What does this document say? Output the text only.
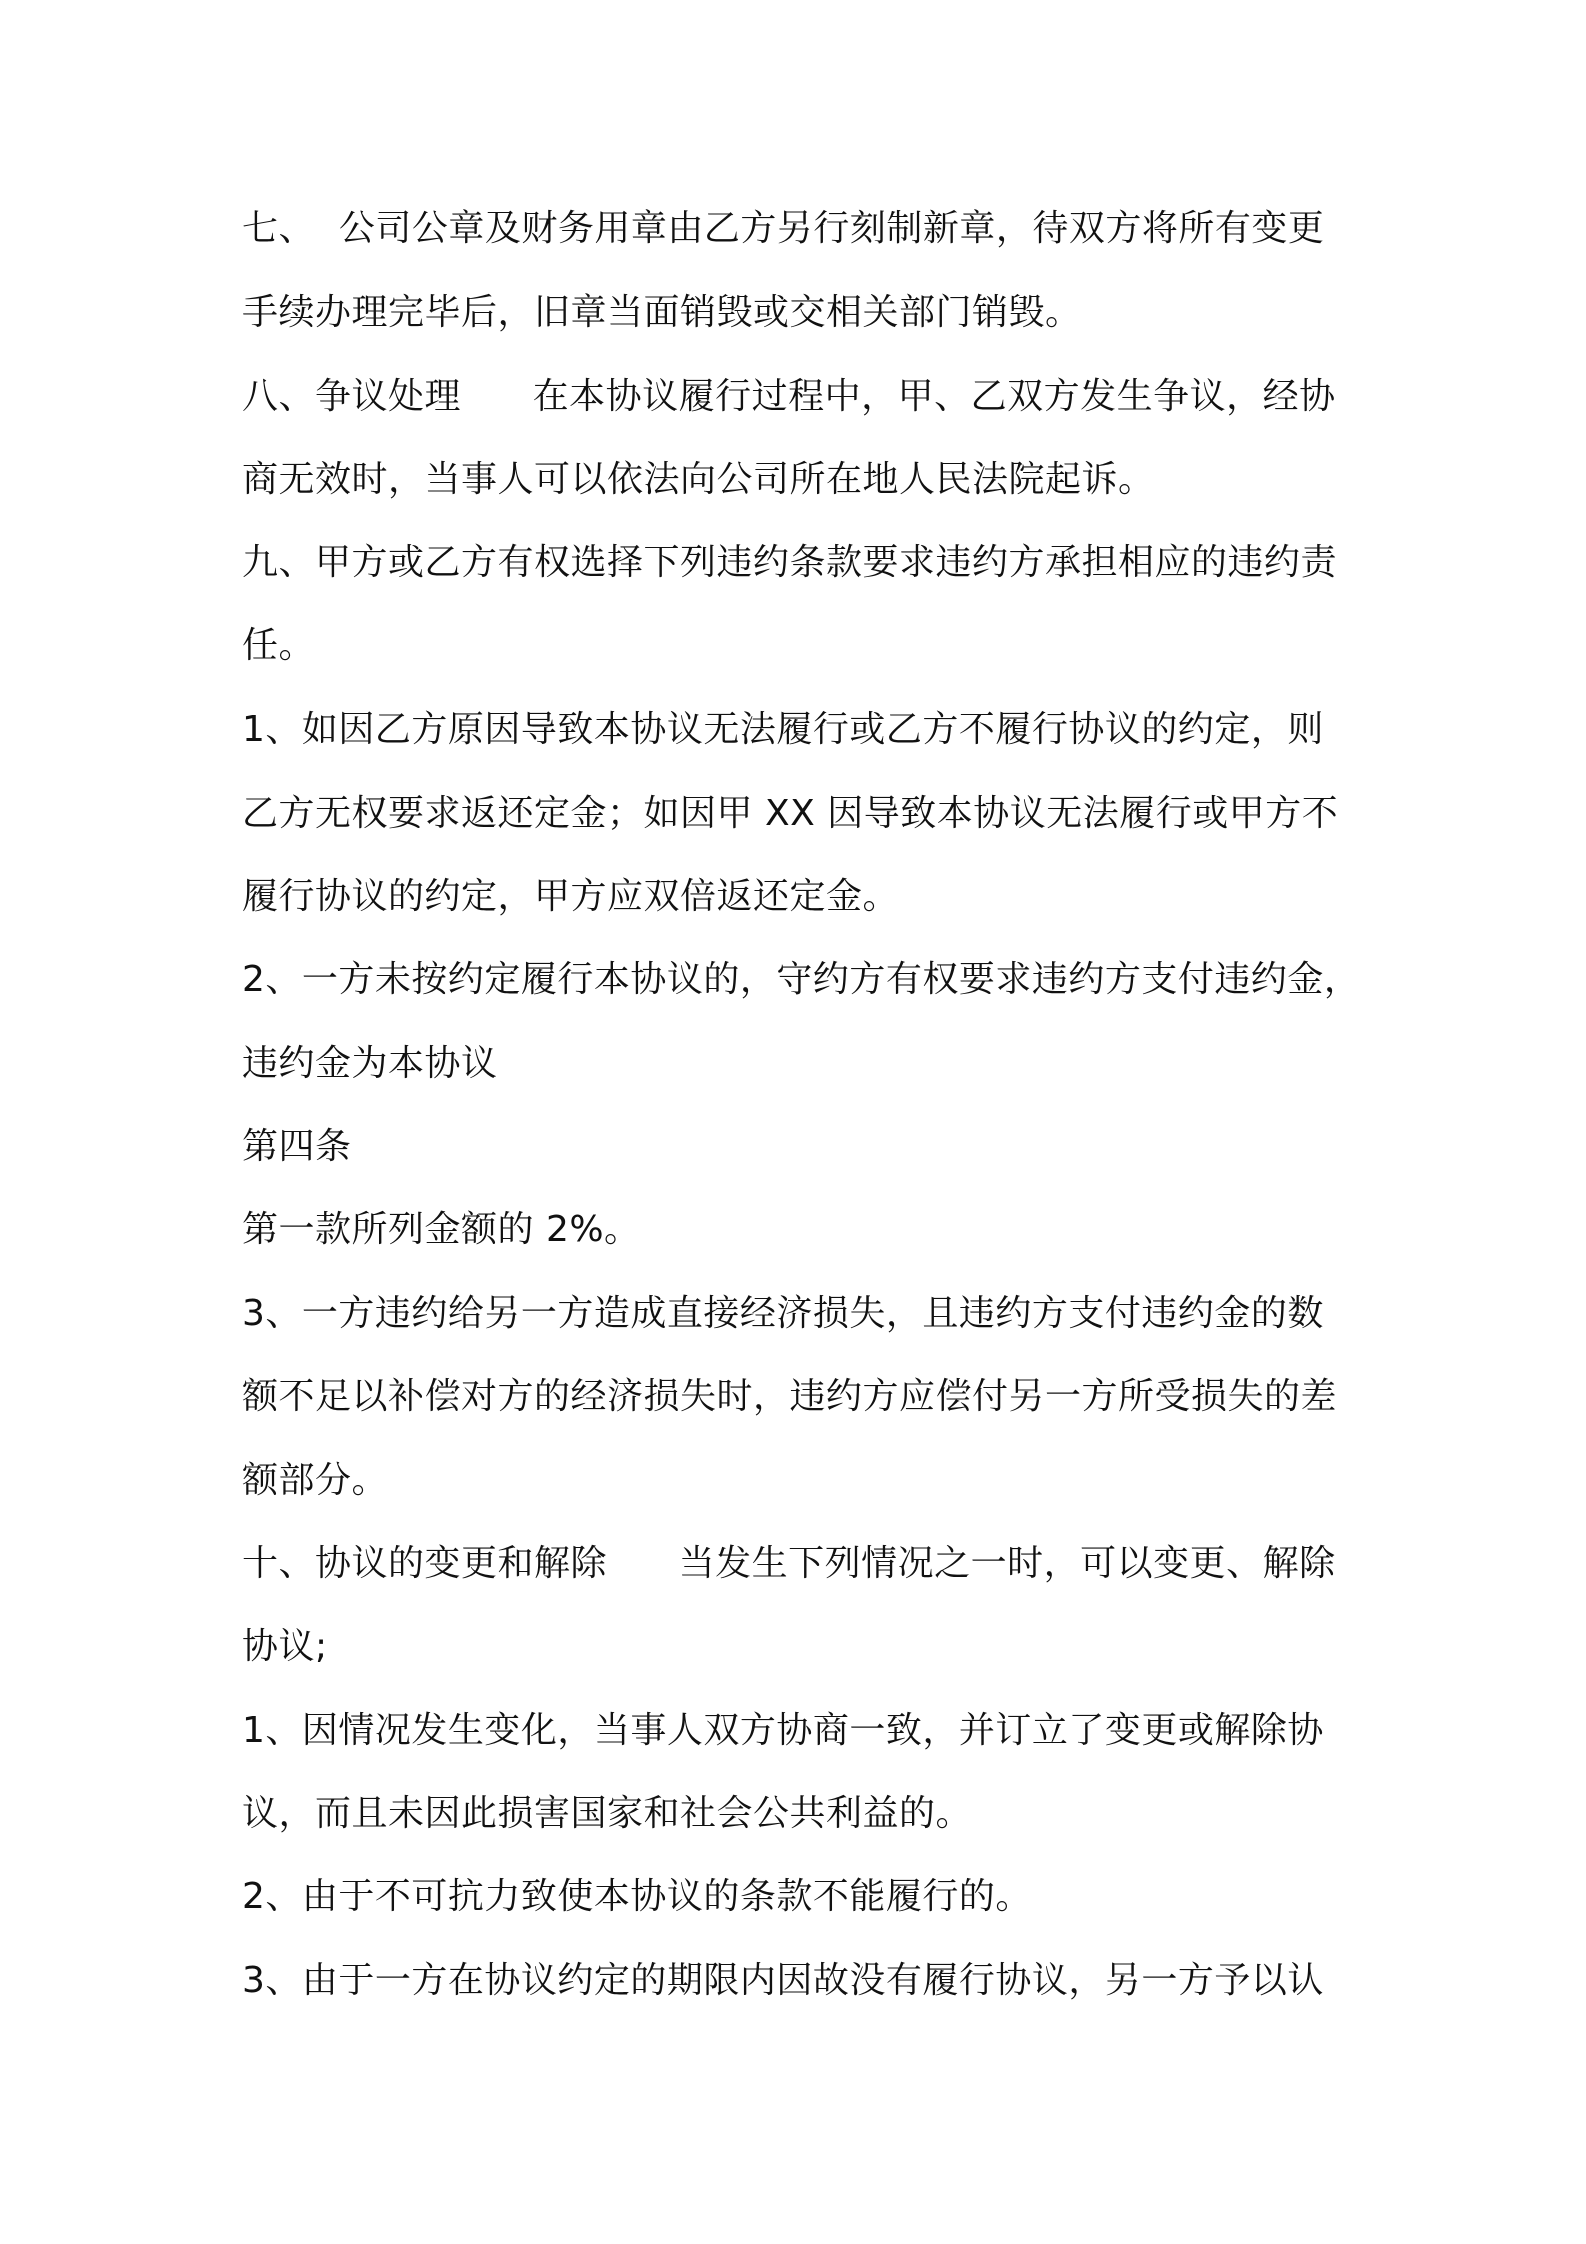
七、  公司公章及财务用章由乙方另行刻制新章，待双方将所有变更
手续办理完毕后，旧章当面销毁或交相关部门销毁。
八、争议处理      在本协议履行过程中，甲、乙双方发生争议，经协
商无效时，当事人可以依法向公司所在地人民法院起诉。
九、甲方或乙方有权选择下列违约条款要求违约方承担相应的违约责
任。
1、如因乙方原因导致本协议无法履行或乙方不履行协议的约定，则
乙方无权要求返还定金；如因甲 XX 因导致本协议无法履行或甲方不
履行协议的约定，甲方应双倍返还定金。
2、一方未按约定履行本协议的，守约方有权要求违约方支付违约金，
违约金为本协议
第四条
第一款所列金额的 2%。
3、一方违约给另一方造成直接经济损失，且违约方支付违约金的数
额不足以补偿对方的经济损失时，违约方应偿付另一方所受损失的差
额部分。
十、协议的变更和解除      当发生下列情况之一时，可以变更、解除
协议;
1、因情况发生变化，当事人双方协商一致，并订立了变更或解除协
议，而且未因此损害国家和社会公共利益的。
2、由于不可抗力致使本协议的条款不能履行的。
3、由于一方在协议约定的期限内因故没有履行协议，另一方予以认
